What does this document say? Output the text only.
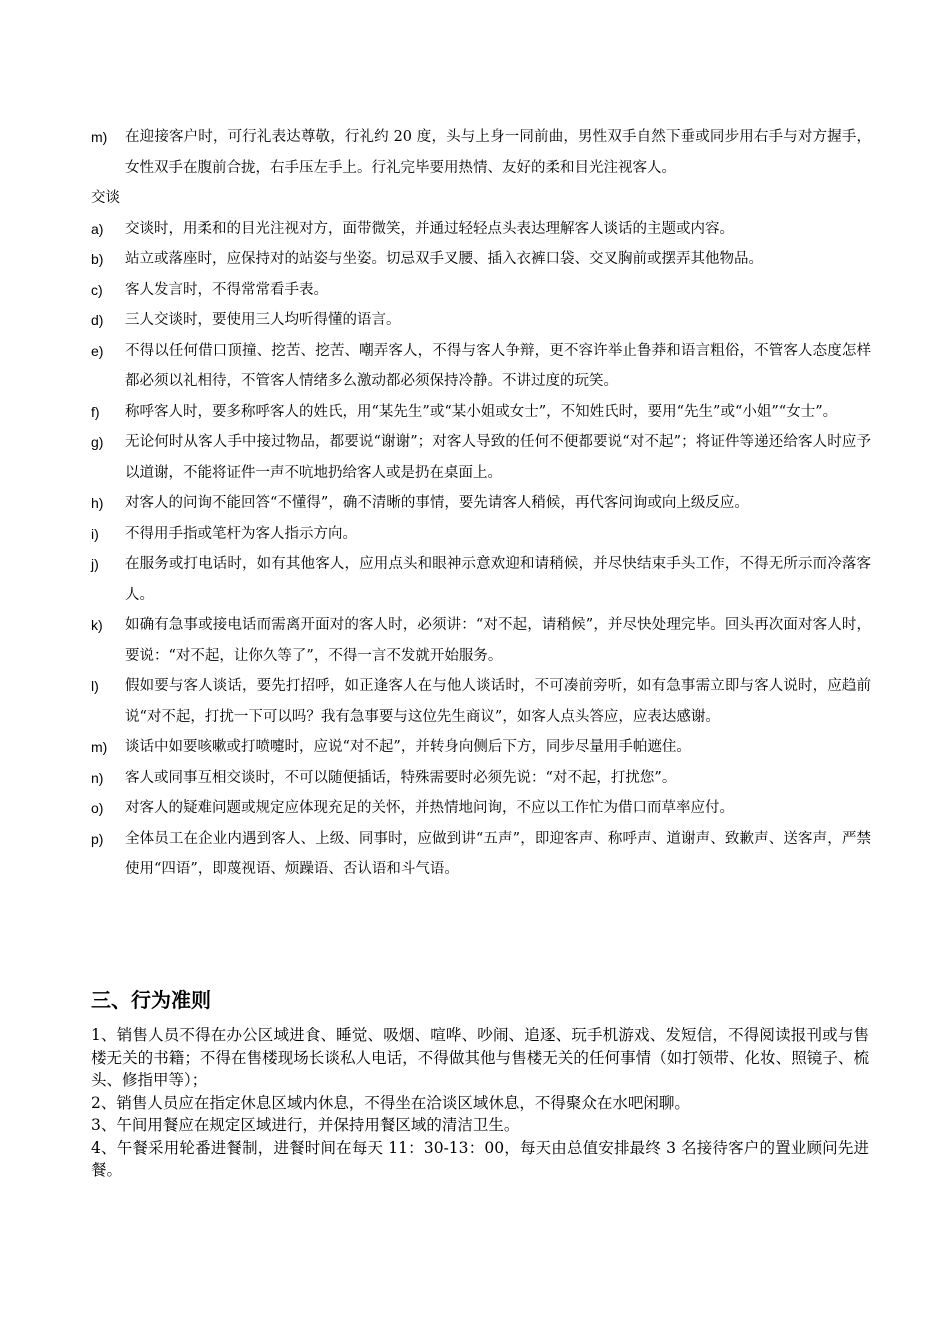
m)	在迎接客户时，可行礼表达尊敬，行礼约 20 度，头与上身一同前曲，男性双手自然下垂或同步用右手与对方握手，女性双手在腹前合拢，右手压左手上。行礼完毕要用热情、友好的柔和目光注视客人。
交谈
a)	交谈时，用柔和的目光注视对方，面带微笑，并通过轻轻点头表达理解客人谈话的主题或内容。
b)	站立或落座时，应保持对的站姿与坐姿。切忌双手叉腰、插入衣裤口袋、交叉胸前或摆弄其他物品。
c)	客人发言时，不得常常看手表。
d)	三人交谈时，要使用三人均听得懂的语言。
e)	不得以任何借口顶撞、挖苦、挖苦、嘲弄客人，不得与客人争辩，更不容许举止鲁莽和语言粗俗，不管客人态度怎样都必须以礼相待，不管客人情绪多么激动都必须保持冷静。不讲过度的玩笑。
f)	称呼客人时，要多称呼客人的姓氏，用“某先生”或“某小姐或女士”，不知姓氏时，要用“先生”或“小姐”“女士”。
g)	无论何时从客人手中接过物品，都要说“谢谢”；对客人导致的任何不便都要说“对不起”；将证件等递还给客人时应予以道谢，不能将证件一声不吭地扔给客人或是扔在桌面上。
h)	对客人的问询不能回答“不懂得”，确不清晰的事情，要先请客人稍候，再代客问询或向上级反应。
i)	不得用手指或笔杆为客人指示方向。
j)	在服务或打电话时，如有其他客人，应用点头和眼神示意欢迎和请稍候，并尽快结束手头工作，不得无所示而冷落客人。
k)	如确有急事或接电话而需离开面对的客人时，必须讲：“对不起，请稍候”，并尽快处理完毕。回头再次面对客人时，要说：“对不起，让你久等了”，不得一言不发就开始服务。
l)	假如要与客人谈话，要先打招呼，如正逢客人在与他人谈话时，不可凑前旁听，如有急事需立即与客人说时，应趋前说“对不起，打扰一下可以吗？我有急事要与这位先生商议”，如客人点头答应，应表达感谢。
m)	谈话中如要咳嗽或打喷嚏时，应说“对不起”，并转身向侧后下方，同步尽量用手帕遮住。
n)	客人或同事互相交谈时，不可以随便插话，特殊需要时必须先说：“对不起，打扰您”。
o)	对客人的疑难问题或规定应体现充足的关怀，并热情地问询，不应以工作忙为借口而草率应付。
p)	全体员工在企业内遇到客人、上级、同事时，应做到讲“五声”，即迎客声、称呼声、道谢声、致歉声、送客声，严禁使用“四语”，即蔑视语、烦躁语、否认语和斗气语。
三、行为准则
1、销售人员不得在办公区域进食、睡觉、吸烟、喧哗、吵闹、追逐、玩手机游戏、发短信，不得阅读报刊或与售楼无关的书籍；不得在售楼现场长谈私人电话，不得做其他与售楼无关的任何事情（如打领带、化妆、照镜子、梳头、修指甲等）；
2、销售人员应在指定休息区域内休息，不得坐在洽谈区域休息，不得聚众在水吧闲聊。
3、午间用餐应在规定区域进行，并保持用餐区域的清洁卫生。
4、午餐采用轮番进餐制，进餐时间在每天 11：30-13：00，每天由总值安排最终 3 名接待客户的置业顾问先进餐。
